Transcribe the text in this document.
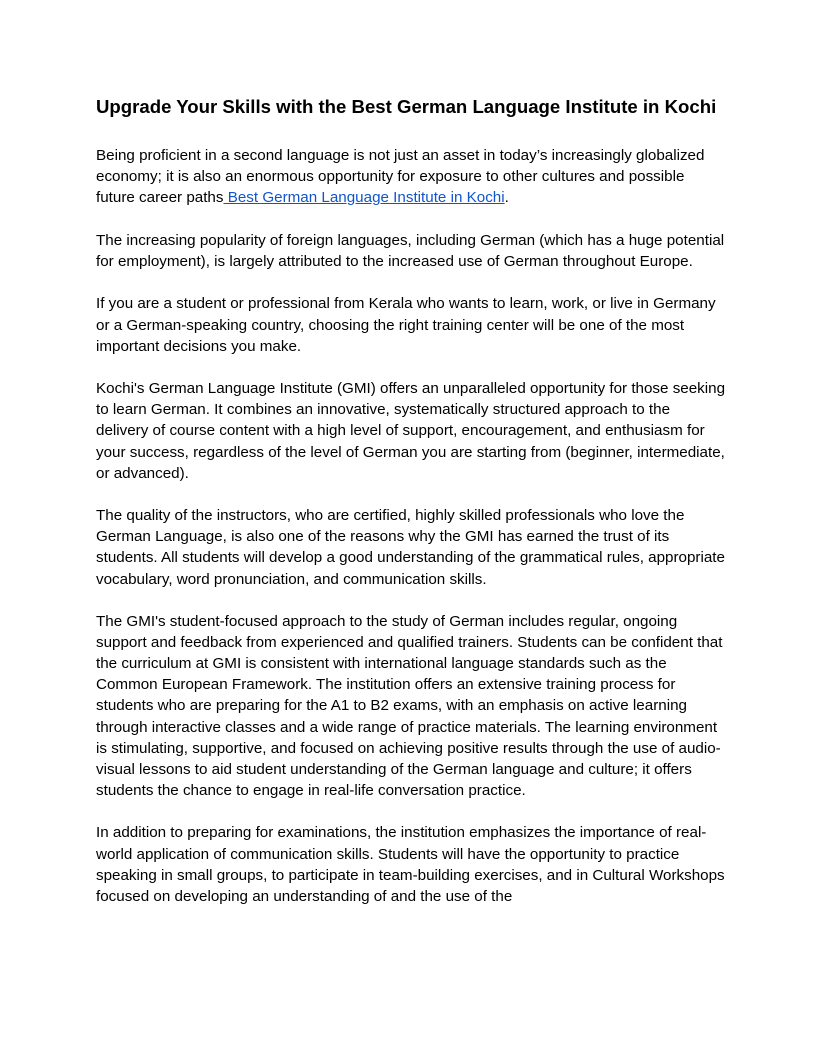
Upgrade Your Skills with the Best German Language Institute in Kochi

Being proficient in a second language is not just an asset in today’s increasingly globalized economy; it is also an enormous opportunity for exposure to other cultures and possible future career paths Best German Language Institute in Kochi.

The increasing popularity of foreign languages, including German (which has a huge potential for employment), is largely attributed to the increased use of German throughout Europe.

If you are a student or professional from Kerala who wants to learn, work, or live in Germany or a German-speaking country, choosing the right training center will be one of the most important decisions you make.

Kochi's German Language Institute (GMI) offers an unparalleled opportunity for those seeking to learn German. It combines an innovative, systematically structured approach to the delivery of course content with a high level of support, encouragement, and enthusiasm for your success, regardless of the level of German you are starting from (beginner, intermediate, or advanced).

The quality of the instructors, who are certified, highly skilled professionals who love the German Language, is also one of the reasons why the GMI has earned the trust of its students. All students will develop a good understanding of the grammatical rules, appropriate vocabulary, word pronunciation, and communication skills.

The GMI's student-focused approach to the study of German includes regular, ongoing support and feedback from experienced and qualified trainers. Students can be confident that the curriculum at GMI is consistent with international language standards such as the Common European Framework. The institution offers an extensive training process for students who are preparing for the A1 to B2 exams, with an emphasis on active learning through interactive classes and a wide range of practice materials. The learning environment is stimulating, supportive, and focused on achieving positive results through the use of audio-visual lessons to aid student understanding of the German language and culture; it offers students the chance to engage in real-life conversation practice.

In addition to preparing for examinations, the institution emphasizes the importance of real-world application of communication skills. Students will have the opportunity to practice speaking in small groups, to participate in team-building exercises, and in Cultural Workshops focused on developing an understanding of and the use of the
